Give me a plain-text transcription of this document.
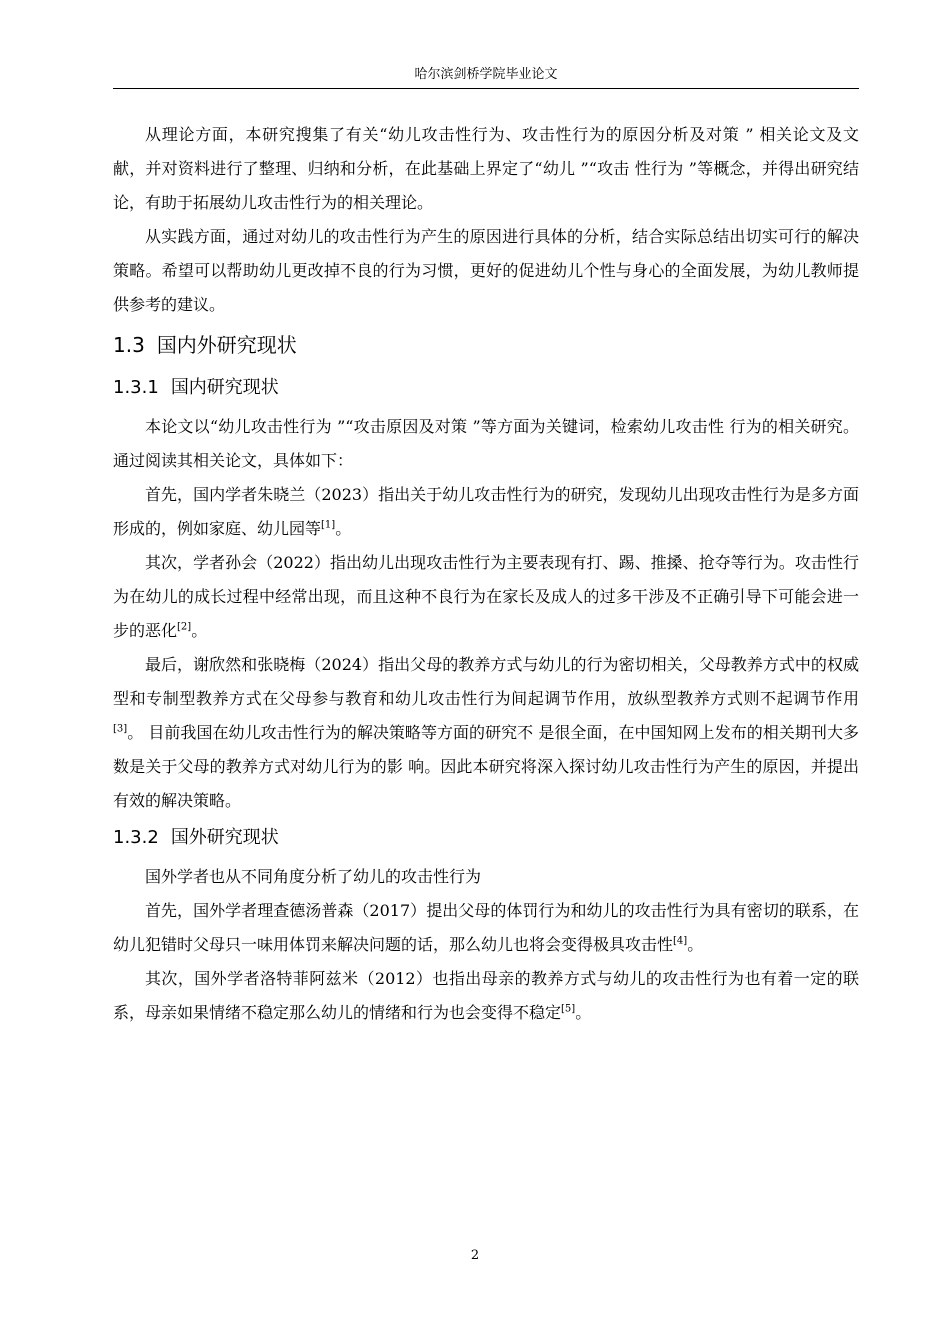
哈尔滨剑桥学院毕业论文

从理论方面，本研究搜集了有关“幼儿攻击性行为、攻击性行为的原因分析及对策 ” 相关论文及文献，并对资料进行了整理、归纳和分析，在此基础上界定了“幼儿 ”“攻击 性行为 ”等概念，并得出研究结论，有助于拓展幼儿攻击性行为的相关理论。

从实践方面，通过对幼儿的攻击性行为产生的原因进行具体的分析，结合实际总结出切实可行的解决策略。希望可以帮助幼儿更改掉不良的行为习惯，更好的促进幼儿个性与身心的全面发展，为幼儿教师提供参考的建议。

1.3 国内外研究现状
1.3.1 国内研究现状

本论文以“幼儿攻击性行为 ”“攻击原因及对策 ”等方面为关键词，检索幼儿攻击性 行为的相关研究。通过阅读其相关论文，具体如下：

首先，国内学者朱晓兰（2023）指出关于幼儿攻击性行为的研究，发现幼儿出现攻击性行为是多方面形成的，例如家庭、幼儿园等[1]。

其次，学者孙会（2022）指出幼儿出现攻击性行为主要表现有打、踢、推搡、抢夺等行为。攻击性行为在幼儿的成长过程中经常出现，而且这种不良行为在家长及成人的过多干涉及不正确引导下可能会进一步的恶化[2]。

最后，谢欣然和张晓梅（2024）指出父母的教养方式与幼儿的行为密切相关，父母教养方式中的权威型和专制型教养方式在父母参与教育和幼儿攻击性行为间起调节作用，放纵型教养方式则不起调节作用[3]。 目前我国在幼儿攻击性行为的解决策略等方面的研究不 是很全面，在中国知网上发布的相关期刊大多数是关于父母的教养方式对幼儿行为的影 响。因此本研究将深入探讨幼儿攻击性行为产生的原因，并提出有效的解决策略。

1.3.2 国外研究现状

国外学者也从不同角度分析了幼儿的攻击性行为

首先，国外学者理查德汤普森（2017）提出父母的体罚行为和幼儿的攻击性行为具有密切的联系，在幼儿犯错时父母只一味用体罚来解决问题的话，那么幼儿也将会变得极具攻击性[4]。

其次，国外学者洛特菲阿兹米（2012）也指出母亲的教养方式与幼儿的攻击性行为也有着一定的联系，母亲如果情绪不稳定那么幼儿的情绪和行为也会变得不稳定[5]。

2
